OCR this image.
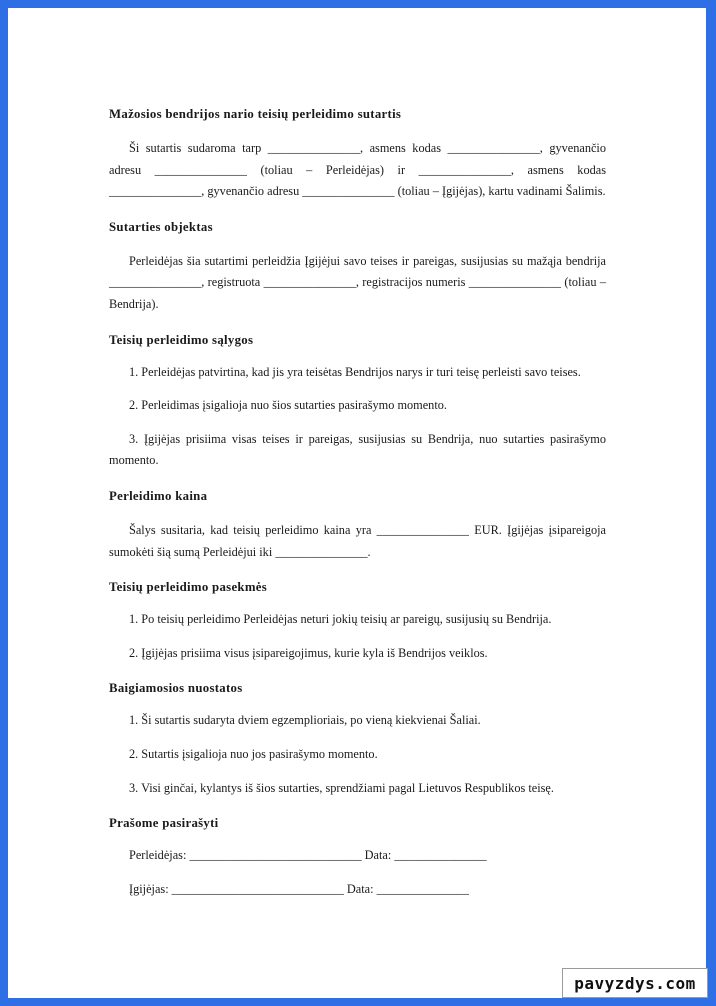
Mažosios bendrijos nario teisių perleidimo sutartis

Ši sutartis sudaroma tarp _______________, asmens kodas _______________, gyvenančio adresu _______________ (toliau – Perleidėjas) ir _______________, asmens kodas _______________, gyvenančio adresu _______________ (toliau – Įgijėjas), kartu vadinami Šalimis.

Sutarties objektas

Perleidėjas šia sutartimi perleidžia Įgijėjui savo teises ir pareigas, susijusias su mažąja bendrija _______________, registruota _______________, registracijos numeris _______________ (toliau – Bendrija).

Teisių perleidimo sąlygos

1. Perleidėjas patvirtina, kad jis yra teisėtas Bendrijos narys ir turi teisę perleisti savo teises.

2. Perleidimas įsigalioja nuo šios sutarties pasirašymo momento.

3. Įgijėjas prisiima visas teises ir pareigas, susijusias su Bendrija, nuo sutarties pasirašymo momento.

Perleidimo kaina

Šalys susitaria, kad teisių perleidimo kaina yra _______________ EUR. Įgijėjas įsipareigoja sumokėti šią sumą Perleidėjui iki _______________.

Teisių perleidimo pasekmės

1. Po teisių perleidimo Perleidėjas neturi jokių teisių ar pareigų, susijusių su Bendrija.

2. Įgijėjas prisiima visus įsipareigojimus, kurie kyla iš Bendrijos veiklos.

Baigiamosios nuostatos

1. Ši sutartis sudaryta dviem egzemplioriais, po vieną kiekvienai Šaliai.

2. Sutartis įsigalioja nuo jos pasirašymo momento.

3. Visi ginčai, kylantys iš šios sutarties, sprendžiami pagal Lietuvos Respublikos teisę.

Prašome pasirašyti

Perleidėjas: ____________________________ Data: _______________

Įgijėjas: ____________________________ Data: _______________

pavyzdys.com
